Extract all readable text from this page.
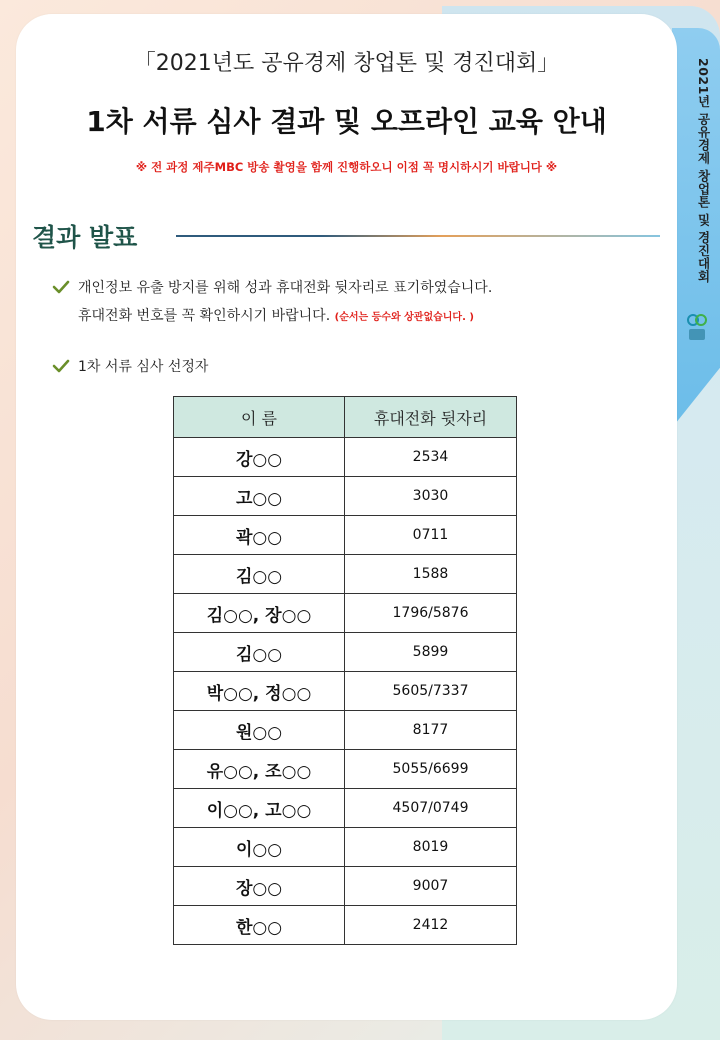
2021년 공유경제 창업톤 및 경진대회
「2021년도 공유경제 창업톤 및 경진대회」
1차 서류 심사 결과 및 오프라인 교육 안내
※ 전 과정 제주MBC 방송 촬영을 함께 진행하오니 이점 꼭 명시하시기 바랍니다 ※
결과 발표
개인정보 유출 방지를 위해 성과 휴대전화 뒷자리로 표기하였습니다.
휴대전화 번호를 꼭 확인하시기 바랍니다. (순서는 등수와 상관없습니다. )
1차 서류 심사 선정자
이 름	휴대전화 뒷자리
강○○	2534
고○○	3030
곽○○	0711
김○○	1588
김○○, 장○○	1796/5876
김○○	5899
박○○, 정○○	5605/7337
원○○	8177
유○○, 조○○	5055/6699
이○○, 고○○	4507/0749
이○○	8019
장○○	9007
한○○	2412
